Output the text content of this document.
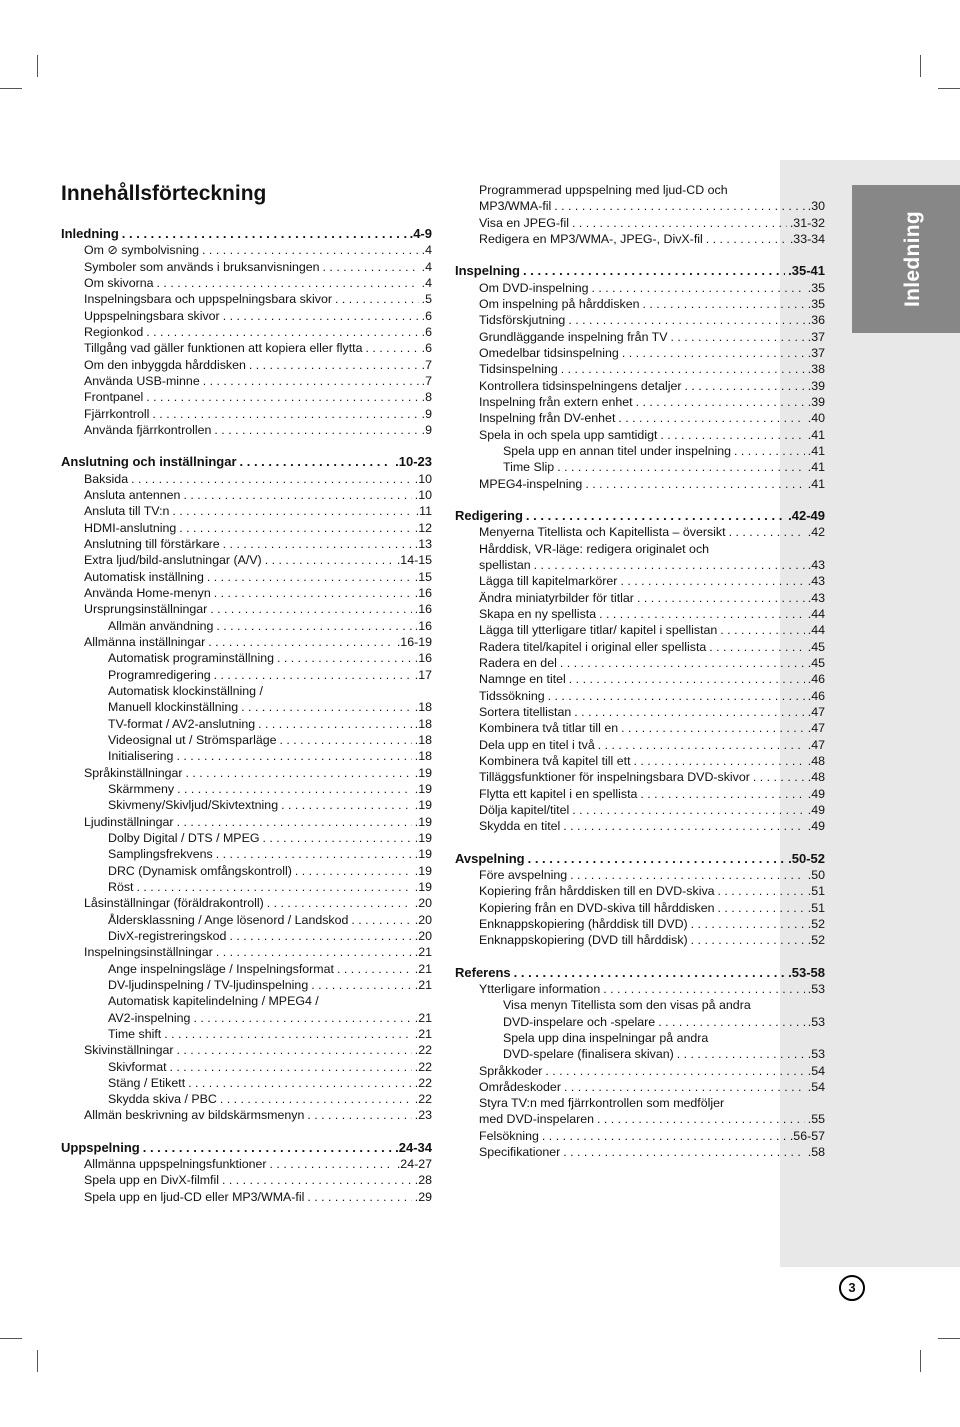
Inledning
3
Innehållsförteckning
Inledning . . .	.4-9
Om ⊘ symbolvisning . . .	.4
Symboler som används i bruksanvisningen . . .	.4
Om skivorna . . .	.4
Inspelningsbara och uppspelningsbara skivor . . .	.5
Uppspelningsbara skivor . . .	.6
Regionkod . . .	.6
Tillgång vad gäller funktionen att kopiera eller flytta . . .	.6
Om den inbyggda hårddisken . . .	.7
Använda USB-minne . . .	.7
Frontpanel . . .	.8
Fjärrkontroll . . .	.9
Använda fjärrkontrollen . . .	.9
Anslutning och inställningar . . .	.10-23
Baksida . . .	.10
Ansluta antennen . . .	.10
Ansluta till TV:n . . .	.11
HDMI-anslutning . . .	.12
Anslutning till förstärkare . . .	.13
Extra ljud/bild-anslutningar (A/V) . . .	.14-15
Automatisk inställning . . .	.15
Använda Home-menyn . . .	.16
Ursprungsinställningar . . .	.16
Allmän användning . . .	.16
Allmänna inställningar . . .	.16-19
Automatisk programinställning . . .	.16
Programredigering . . .	.17
Automatisk klockinställning /
Manuell klockinställning . . .	.18
TV-format / AV2-anslutning . . .	.18
Videosignal ut / Strömsparläge . . .	.18
Initialisering . . .	.18
Språkinställningar . . .	.19
Skärmmeny . . .	.19
Skivmeny/Skivljud/Skivtextning . . .	.19
Ljudinställningar . . .	.19
Dolby Digital / DTS / MPEG . . .	.19
Samplingsfrekvens . . .	.19
DRC (Dynamisk omfångskontroll) . . .	.19
Röst . . .	.19
Låsinställningar (föräldrakontroll) . . .	.20
Åldersklassning / Ange lösenord / Landskod . . .	.20
DivX-registreringskod . . .	.20
Inspelningsinställningar . . .	.21
Ange inspelningsläge / Inspelningsformat . . .	.21
DV-ljudinspelning / TV-ljudinspelning . . .	.21
Automatisk kapitelindelning / MPEG4 /
AV2-inspelning . . .	.21
Time shift . . .	.21
Skivinställningar . . .	.22
Skivformat . . .	.22
Stäng / Etikett . . .	.22
Skydda skiva / PBC . . .	.22
Allmän beskrivning av bildskärmsmenyn . . .	.23
Uppspelning . . .	.24-34
Allmänna uppspelningsfunktioner . . .	.24-27
Spela upp en DivX-filmfil . . .	.28
Spela upp en ljud-CD eller MP3/WMA-fil . . .	.29
Programmerad uppspelning med ljud-CD och
MP3/WMA-fil . . .	.30
Visa en JPEG-fil . . .	.31-32
Redigera en MP3/WMA-, JPEG-, DivX-fil . . .	.33-34
Inspelning . . .	.35-41
Om DVD-inspelning . . .	.35
Om inspelning på hårddisken . . .	.35
Tidsförskjutning . . .	.36
Grundläggande inspelning från TV . . .	.37
Omedelbar tidsinspelning . . .	.37
Tidsinspelning . . .	.38
Kontrollera tidsinspelningens detaljer . . .	.39
Inspelning från extern enhet . . .	.39
Inspelning från DV-enhet . . .	.40
Spela in och spela upp samtidigt . . .	.41
Spela upp en annan titel under inspelning . . .	.41
Time Slip . . .	.41
MPEG4-inspelning . . .	.41
Redigering . . .	.42-49
Menyerna Titellista och Kapitellista – översikt . . .	.42
Hårddisk, VR-läge: redigera originalet och
spellistan . . .	.43
Lägga till kapitelmarkörer . . .	.43
Ändra miniatyrbilder för titlar . . .	.43
Skapa en ny spellista . . .	.44
Lägga till ytterligare titlar/ kapitel i spellistan . . .	.44
Radera titel/kapitel i original eller spellista . . .	.45
Radera en del . . .	.45
Namnge en titel . . .	.46
Tidssökning . . .	.46
Sortera titellistan . . .	.47
Kombinera två titlar till en . . .	.47
Dela upp en titel i två . . .	.47
Kombinera två kapitel till ett . . .	.48
Tilläggsfunktioner för inspelningsbara DVD-skivor . . .	.48
Flytta ett kapitel i en spellista . . .	.49
Dölja kapitel/titel . . .	.49
Skydda en titel . . .	.49
Avspelning . . .	.50-52
Före avspelning . . .	.50
Kopiering från hårddisken till en DVD-skiva . . .	.51
Kopiering från en DVD-skiva till hårddisken . . .	.51
Enknappskopiering (hårddisk till DVD) . . .	.52
Enknappskopiering (DVD till hårddisk) . . .	.52
Referens . . .	.53-58
Ytterligare information . . .	.53
Visa menyn Titellista som den visas på andra
DVD-inspelare och -spelare . . .	.53
Spela upp dina inspelningar på andra
DVD-spelare (finalisera skivan) . . .	.53
Språkkoder . . .	.54
Områdeskoder . . .	.54
Styra TV:n med fjärrkontrollen som medföljer
med DVD-inspelaren . . .	.55
Felsökning . . .	.56-57
Specifikationer . . .	.58
